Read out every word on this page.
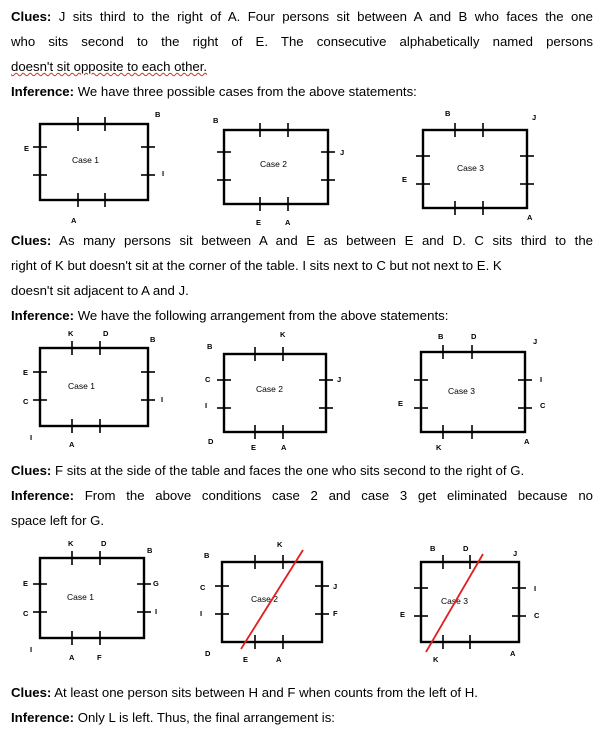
Clues: J sits third to the right of A. Four persons sit between A and B who faces the one
who sits second to the right of E. The consecutive alphabetically named persons
doesn't sit opposite to each other.
Inference: We have three possible cases from the above statements:
Case 1
B
E
I
A
Case 2
B
J
E	A
Case 3
B	J
E
A
Clues: As many persons sit between A and E as between E and D. C sits third to the
right of K but doesn't sit at the corner of the table. I sits next to C but not next to E. K
doesn't sit adjacent to A and J.
Inference: We have the following arrangement from the above statements:
Case 1
K	D
B
E
C	I
I
A
Case 2
K
B
C	J
I
D
E	A
Case 3
B	D
J
I
E	C
K
A
Clues: F sits at the side of the table and faces the one who sits second to the right of G.
Inference: From the above conditions case 2 and case 3 get eliminated because no
space left for G.
Case 1
K	D
B
E	G
C	I
I
A	F
Case 2
B
K
C	J
I	F
D
E	A
Case 3
B	D
J
I
E	C
K
A
Clues: At least one person sits between H and F when counts from the left of H.
Inference: Only L is left. Thus, the final arrangement is:
